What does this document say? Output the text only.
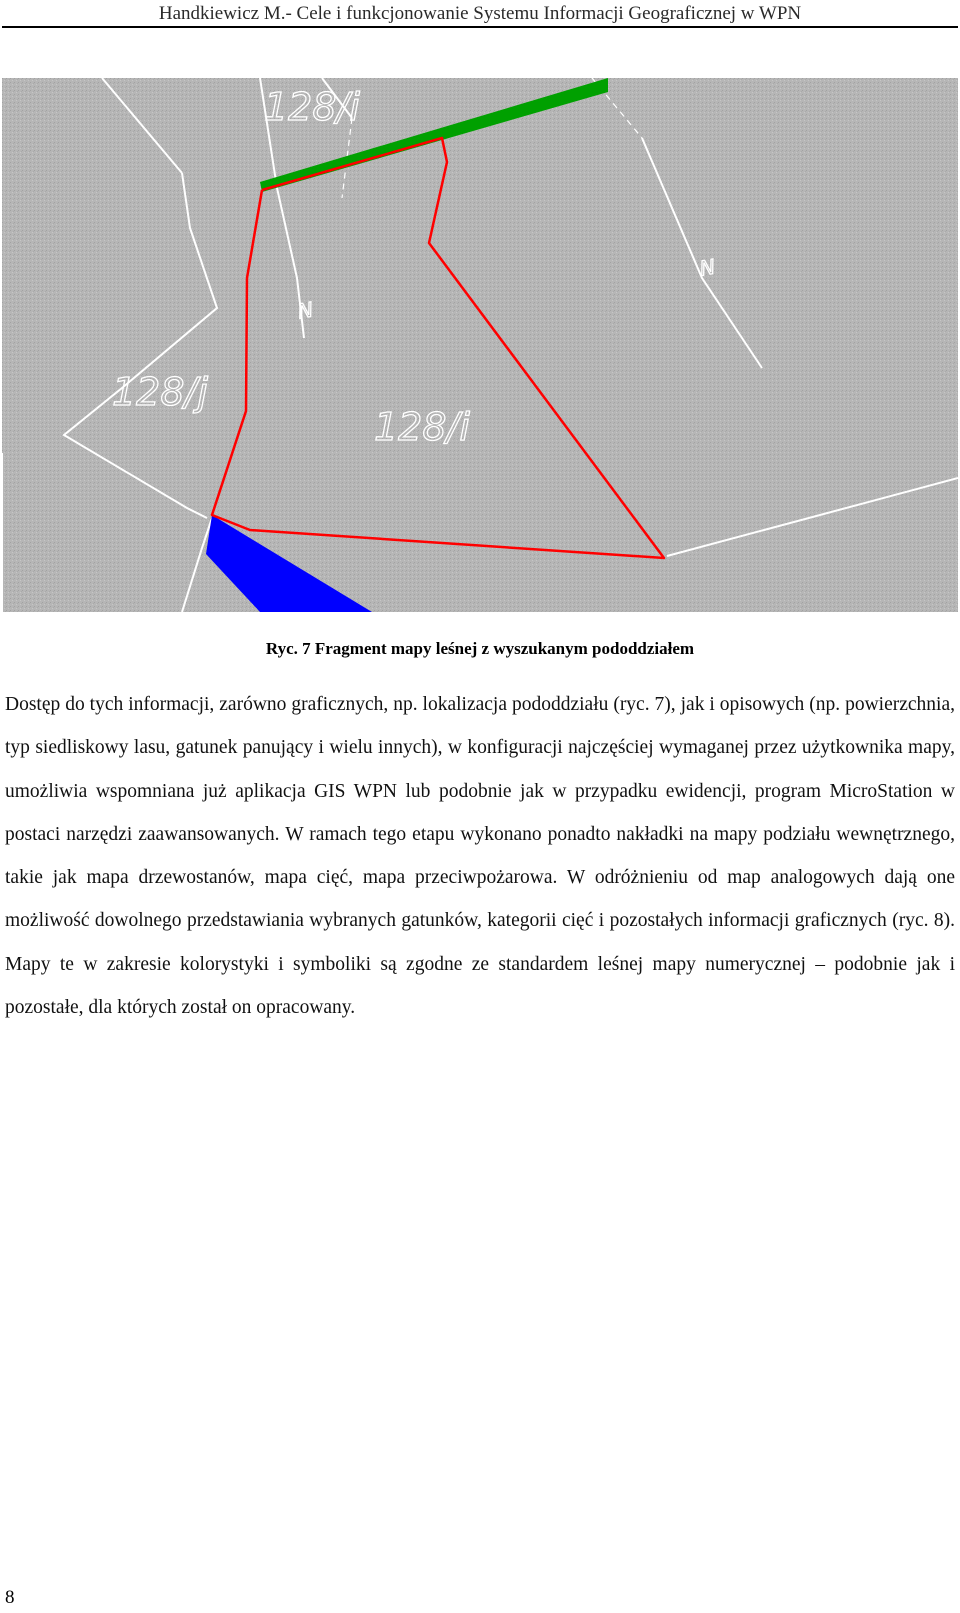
Handkiewicz M.- Cele i funkcjonowanie Systemu Informacji Geograficznej w WPN
128/i
128/j
128/i
N
N
Ryc. 7 Fragment mapy leśnej z wyszukanym pododdziałem

Dostęp do tych informacji, zarówno graficznych, np. lokalizacja pododdziału (ryc. 7), jak i opisowych (np. powierzchnia, typ siedliskowy lasu, gatunek panujący i wielu innych), w konfiguracji najczęściej wymaganej przez użytkownika mapy, umożliwia wspomniana już aplikacja GIS WPN lub podobnie jak w przypadku ewidencji, program MicroStation w postaci narzędzi zaawansowanych. W ramach tego etapu wykonano ponadto nakładki na mapy podziału wewnętrznego, takie jak mapa drzewostanów, mapa cięć, mapa przeciwpożarowa. W odróżnieniu od map analogowych dają one możliwość dowolnego przedstawiania wybranych gatunków, kategorii cięć i pozostałych informacji graficznych (ryc. 8). Mapy te w zakresie kolorystyki i symboliki są zgodne ze standardem leśnej mapy numerycznej – podobnie jak i pozostałe, dla których został on opracowany.

8
